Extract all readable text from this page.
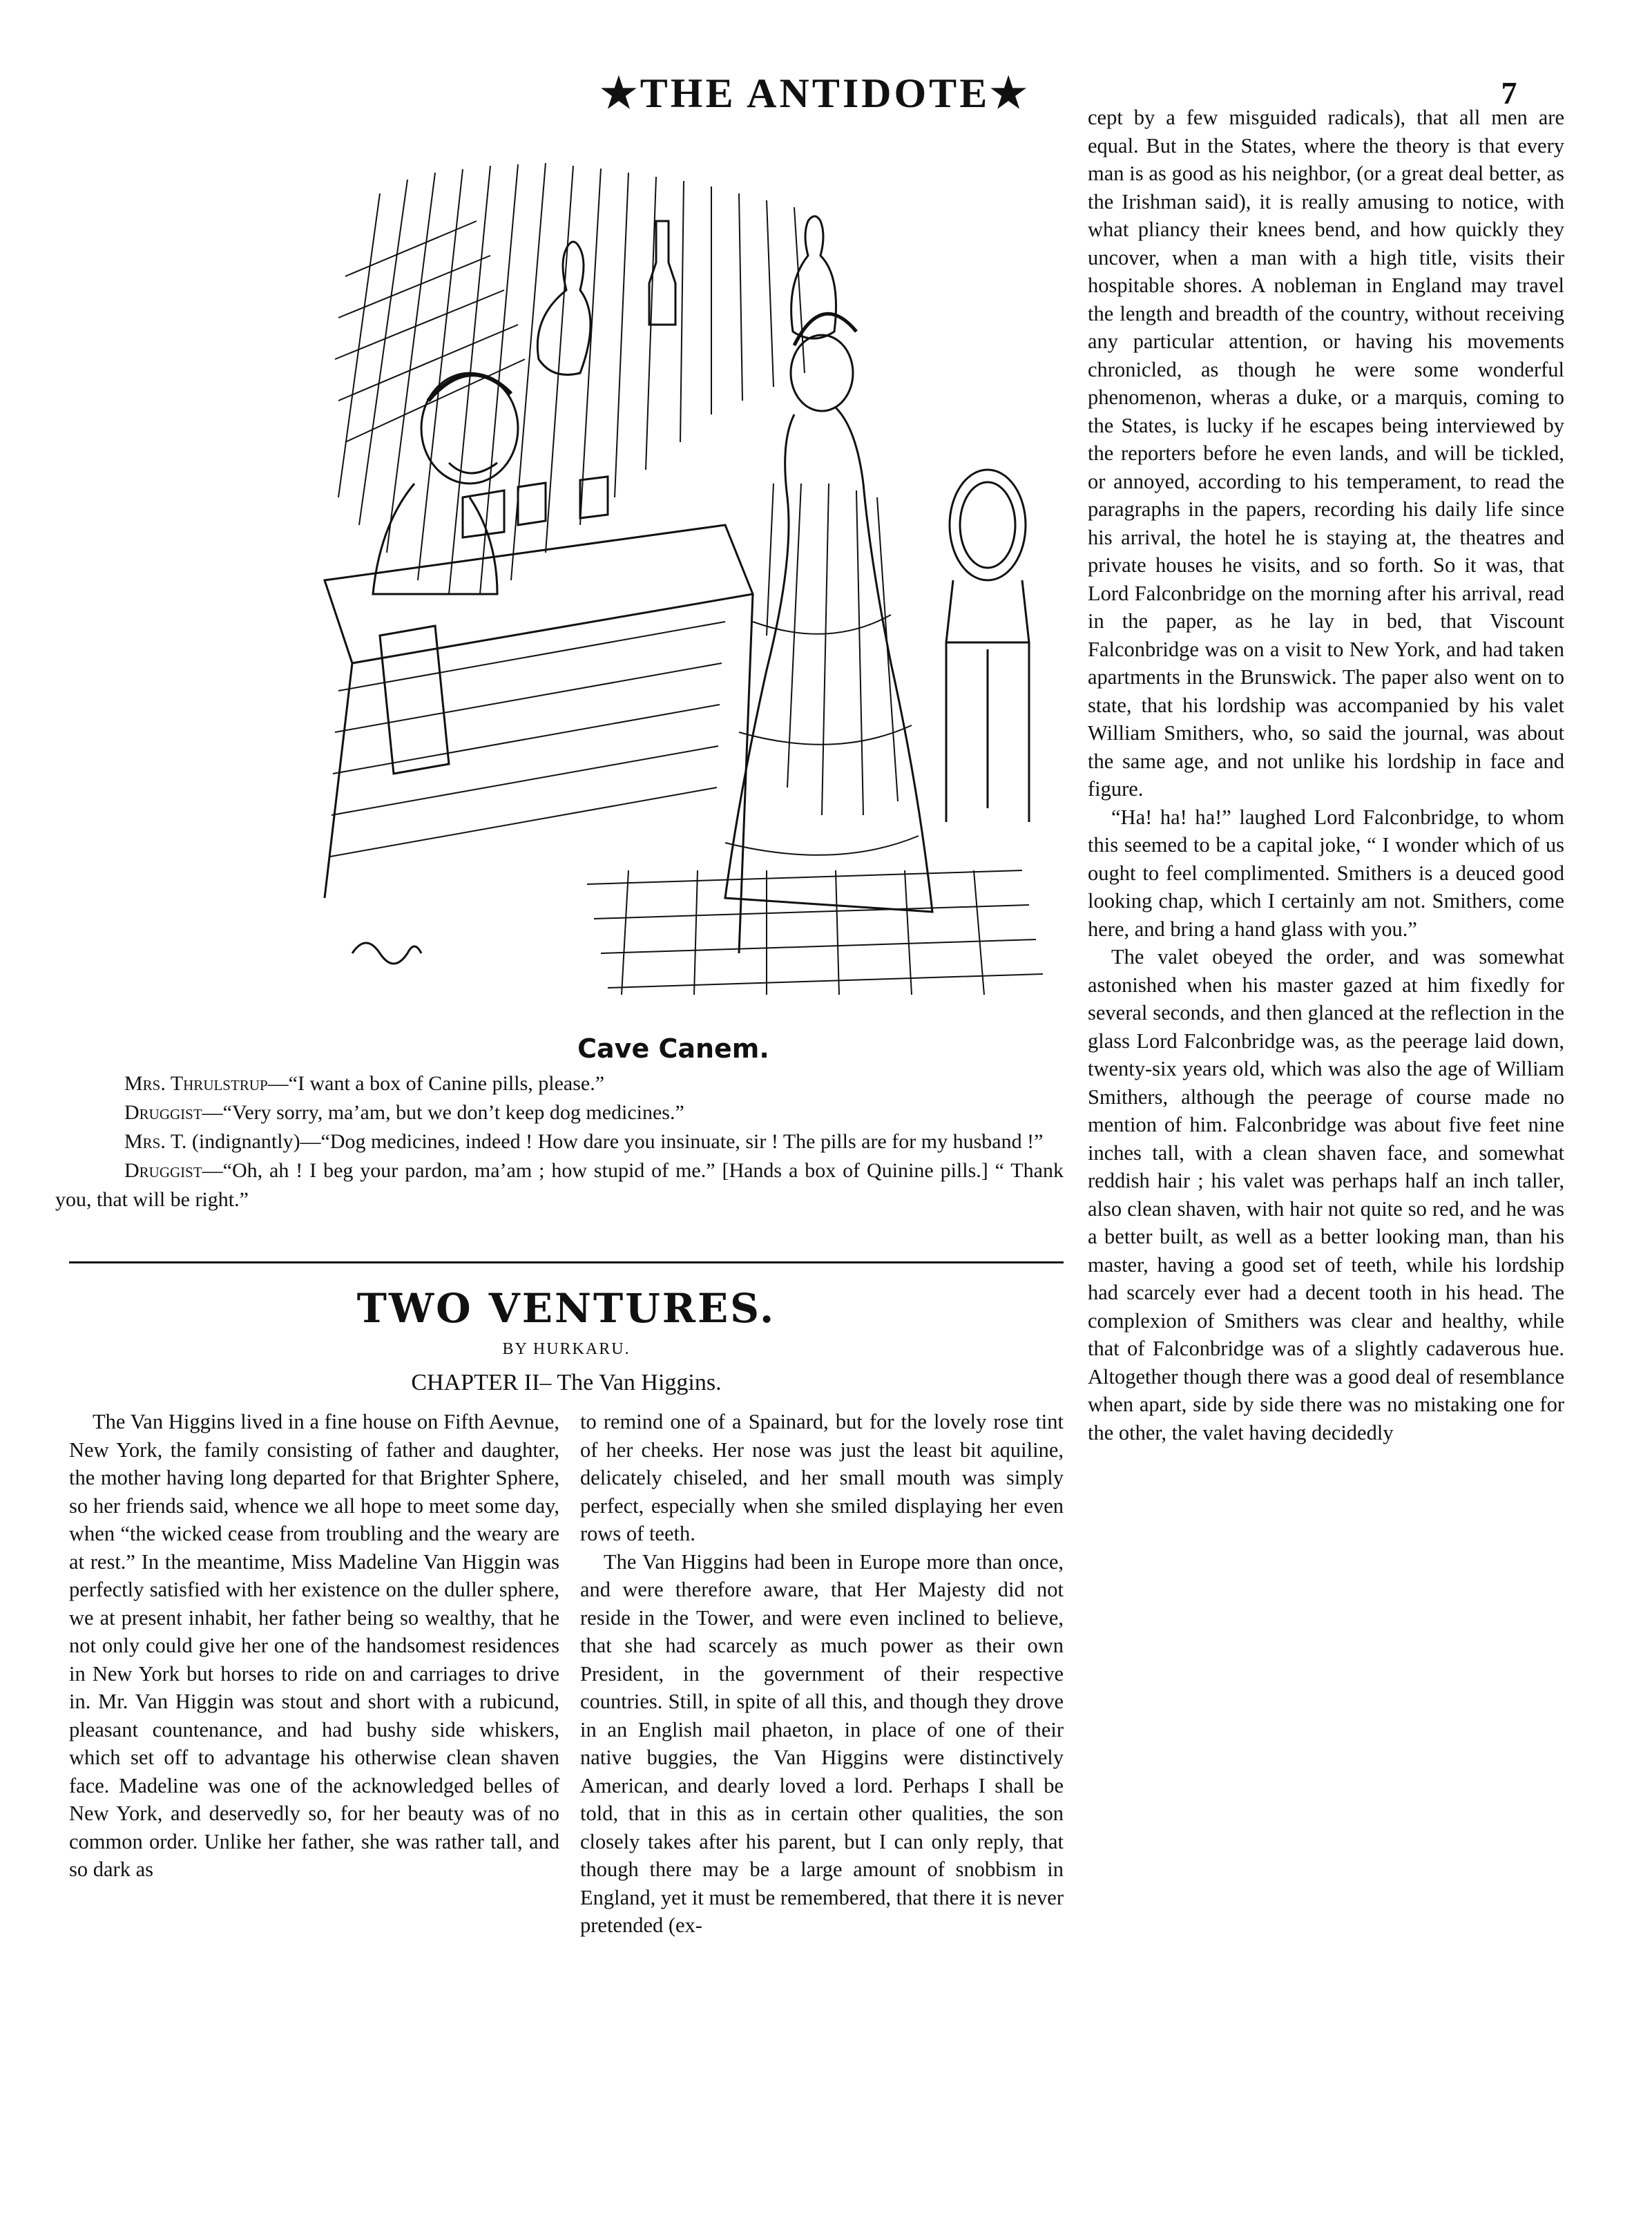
★THE ANTIDOTE★	7
Cave Canem.

Mrs. Thrulstrup—“I want a box of Canine pills, please.”

Druggist—“Very sorry, ma’am, but we don’t keep dog medicines.”

Mrs. T. (indignantly)—“Dog medicines, indeed ! How dare you insinuate, sir ! The pills are for my husband !”

Druggist—“Oh, ah ! I beg your pardon, ma’am ; how stupid of me.” [Hands a box of Quinine pills.] “ Thank you, that will be right.”

TWO VENTURES.
BY HURKARU.
CHAPTER II– The Van Higgins.

The Van Higgins lived in a fine house on Fifth Aevnue, New York, the family consisting of father and daughter, the mother having long departed for that Brighter Sphere, so her friends said, whence we all hope to meet some day, when “the wicked cease from troubling and the weary are at rest.” In the meantime, Miss Madeline Van Higgin was perfectly satisfied with her existence on the duller sphere, we at present inhabit, her father being so wealthy, that he not only could give her one of the handsomest residences in New York but horses to ride on and carriages to drive in. Mr. Van Higgin was stout and short with a rubicund, pleasant countenance, and had bushy side whiskers, which set off to advantage his otherwise clean shaven face. Madeline was one of the acknowledged belles of New York, and deservedly so, for her beauty was of no common order. Unlike her father, she was rather tall, and so dark as

to remind one of a Spainard, but for the lovely rose tint of her cheeks. Her nose was just the least bit aquiline, delicately chiseled, and her small mouth was simply perfect, especially when she smiled displaying her even rows of teeth.

The Van Higgins had been in Europe more than once, and were therefore aware, that Her Majesty did not reside in the Tower, and were even inclined to believe, that she had scarcely as much power as their own President, in the government of their respective countries. Still, in spite of all this, and though they drove in an English mail phaeton, in place of one of their native buggies, the Van Higgins were distinctively American, and dearly loved a lord. Perhaps I shall be told, that in this as in certain other qualities, the son closely takes after his parent, but I can only reply, that though there may be a large amount of snobbism in England, yet it must be remembered, that there it is never pretended (ex-

cept by a few misguided radicals), that all men are equal. But in the States, where the theory is that every man is as good as his neighbor, (or a great deal better, as the Irishman said), it is really amusing to notice, with what pliancy their knees bend, and how quickly they uncover, when a man with a high title, visits their hospitable shores. A nobleman in England may travel the length and breadth of the country, without receiving any particular attention, or having his movements chronicled, as though he were some wonderful phenomenon, wheras a duke, or a marquis, coming to the States, is lucky if he escapes being interviewed by the reporters before he even lands, and will be tickled, or annoyed, according to his temperament, to read the paragraphs in the papers, recording his daily life since his arrival, the hotel he is staying at, the theatres and private houses he visits, and so forth. So it was, that Lord Falconbridge on the morning after his arrival, read in the paper, as he lay in bed, that Viscount Falconbridge was on a visit to New York, and had taken apartments in the Brunswick. The paper also went on to state, that his lordship was accompanied by his valet William Smithers, who, so said the journal, was about the same age, and not unlike his lordship in face and figure.

“Ha! ha! ha!” laughed Lord Falconbridge, to whom this seemed to be a capital joke, “ I wonder which of us ought to feel complimented. Smithers is a deuced good looking chap, which I certainly am not. Smithers, come here, and bring a hand glass with you.”

The valet obeyed the order, and was somewhat astonished when his master gazed at him fixedly for several seconds, and then glanced at the reflection in the glass Lord Falconbridge was, as the peerage laid down, twenty-six years old, which was also the age of William Smithers, although the peerage of course made no mention of him. Falconbridge was about five feet nine inches tall, with a clean shaven face, and somewhat reddish hair ; his valet was perhaps half an inch taller, also clean shaven, with hair not quite so red, and he was a better built, as well as a better looking man, than his master, having a good set of teeth, while his lordship had scarcely ever had a decent tooth in his head. The complexion of Smithers was clear and healthy, while that of Falconbridge was of a slightly cadaverous hue. Altogether though there was a good deal of resemblance when apart, side by side there was no mistaking one for the other, the valet having decidedly
